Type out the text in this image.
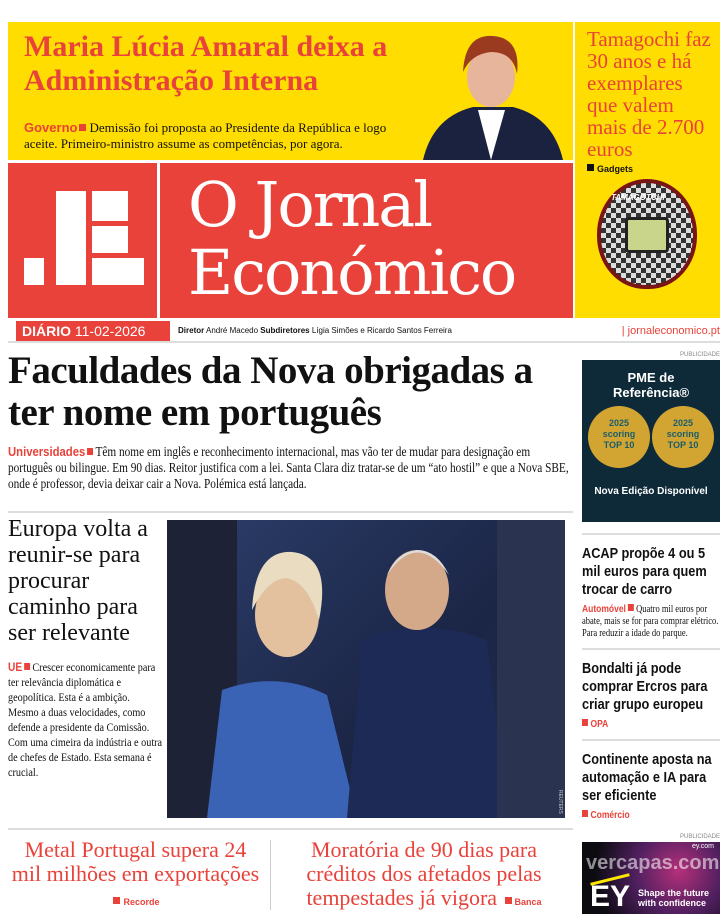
Maria Lúcia Amaral deixa a Administração Interna

Governo Demissão foi proposta ao Presidente da República e logo aceite. Primeiro-ministro assume as competências, por agora.

Tamagochi faz 30 anos e há exemplares que valem mais de 2.700 euros
Gadgets
TAMAGOTCHI
O Jornal
Económico
DIÁRIO 11-02-2026	Diretor André Macedo Subdiretores Lígia Simões e Ricardo Santos Ferreira	| jornaleconomico.pt
Faculdades da Nova obrigadas a ter nome em português

Universidades Têm nome em inglês e reconhecimento internacional, mas vão ter de mudar para designação em português ou bilingue. Em 90 dias. Reitor justifica com a lei. Santa Clara diz tratar-se de um “ato hostil” e que a Nova SBE, onde é professor, devia deixar cair a Nova. Polémica está lançada.

Europa volta a reunir-se para procurar caminho para ser relevante

UE Crescer economicamente para ter relevância diplomática e geopolítica. Esta é a ambição. Mesmo a duas velocidades, como defende a presidente da Comissão. Com uma cimeira da indústria e outra de chefes de Estado. Esta semana é crucial.

REUTERS
PUBLICIDADE
PME de Referência®
2025 scoring TOP 10
2025 scoring TOP 10
Nova Edição Disponível
ACAP propõe 4 ou 5 mil euros para quem trocar de carro

Automóvel Quatro mil euros por abate, mais se for para comprar elétrico. Para reduzir a idade do parque.

Bondalti já pode comprar Ercros para criar grupo europeu

OPA

Continente aposta na automação e IA para ser eficiente

Comércio

Metal Portugal supera 24 mil milhões em exportações Recorde
Moratória de 90 dias para créditos dos afetados pelas tempestades já vigora Banca
PUBLICIDADE
ey.com
vercapas.com
EY Shape the future with confidence
